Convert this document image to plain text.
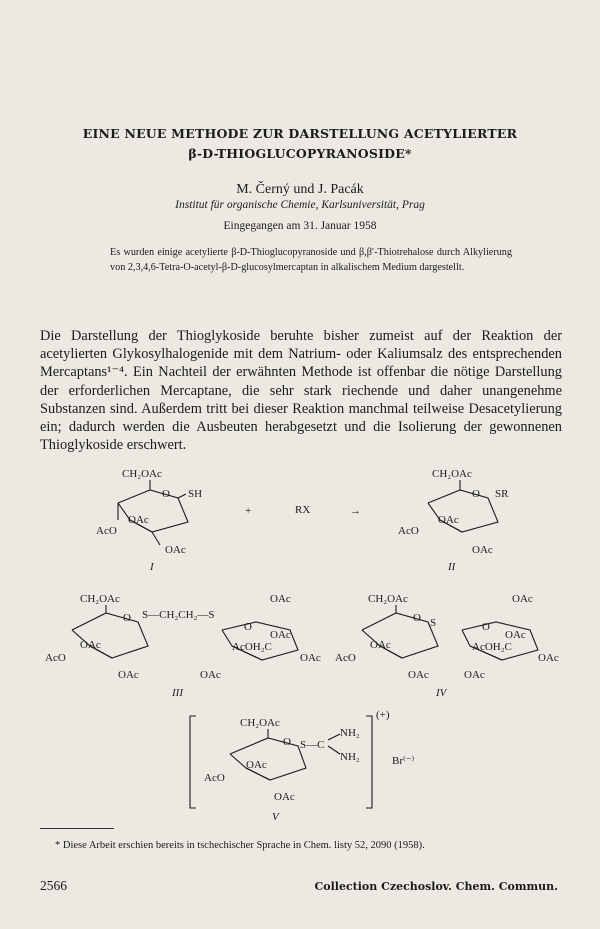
EINE NEUE METHODE ZUR DARSTELLUNG ACETYLIERTER
β-D-THIOGLUCOPYRANOSIDE*
M. Černý und J. Pacák
Institut für organische Chemie, Karlsuniversität, Prag
Eingegangen am 31. Januar 1958
Es wurden einige acetylierte β-D-Thioglucopyranoside und β,β′-Thiotrehalose durch Alkylierung von 2,3,4,6-Tetra-O-acetyl-β-D-glucosylmercaptan in alkalischem Medium dargestellt.

Die Darstellung der Thioglykoside beruhte bisher zumeist auf der Reaktion der acetylierten Glykosylhalogenide mit dem Natrium- oder Kaliumsalz des entsprechenden Mercaptans¹⁻⁴. Ein Nachteil der erwähnten Methode ist offenbar die nötige Darstellung der erforderlichen Mercaptane, die sehr stark riechende und daher unangenehme Substanzen sind. Außerdem tritt bei dieser Reaktion manchmal teilweise Desacetylierung ein; dadurch werden die Ausbeuten herabgesetzt und die Isolierung der gewonnenen Thioglykoside erschwert.

CH₂OAc
O SH
OAc
AcO
OAc
I
+	RX	→
CH₂OAc
O SR
OAc
AcO
OAc
II
CH₂OAc
O S—CH₂CH₂—S
OAc
AcO
OAc
OAc
O
OAc
AcOH₂C
OAc
OAc
III
CH₂OAc
O S
OAc
AcO
OAc
OAc
O
OAc
AcOH₂C
OAc
OAc
IV
CH₂OAc
O S—C
NH₂
NH₂
(+)
Br⁽⁻⁾
OAc
AcO
OAc
V
* Diese Arbeit erschien bereits in tschechischer Sprache in Chem. listy 52, 2090 (1958).
2566	Collection Czechoslov. Chem. Commun.
